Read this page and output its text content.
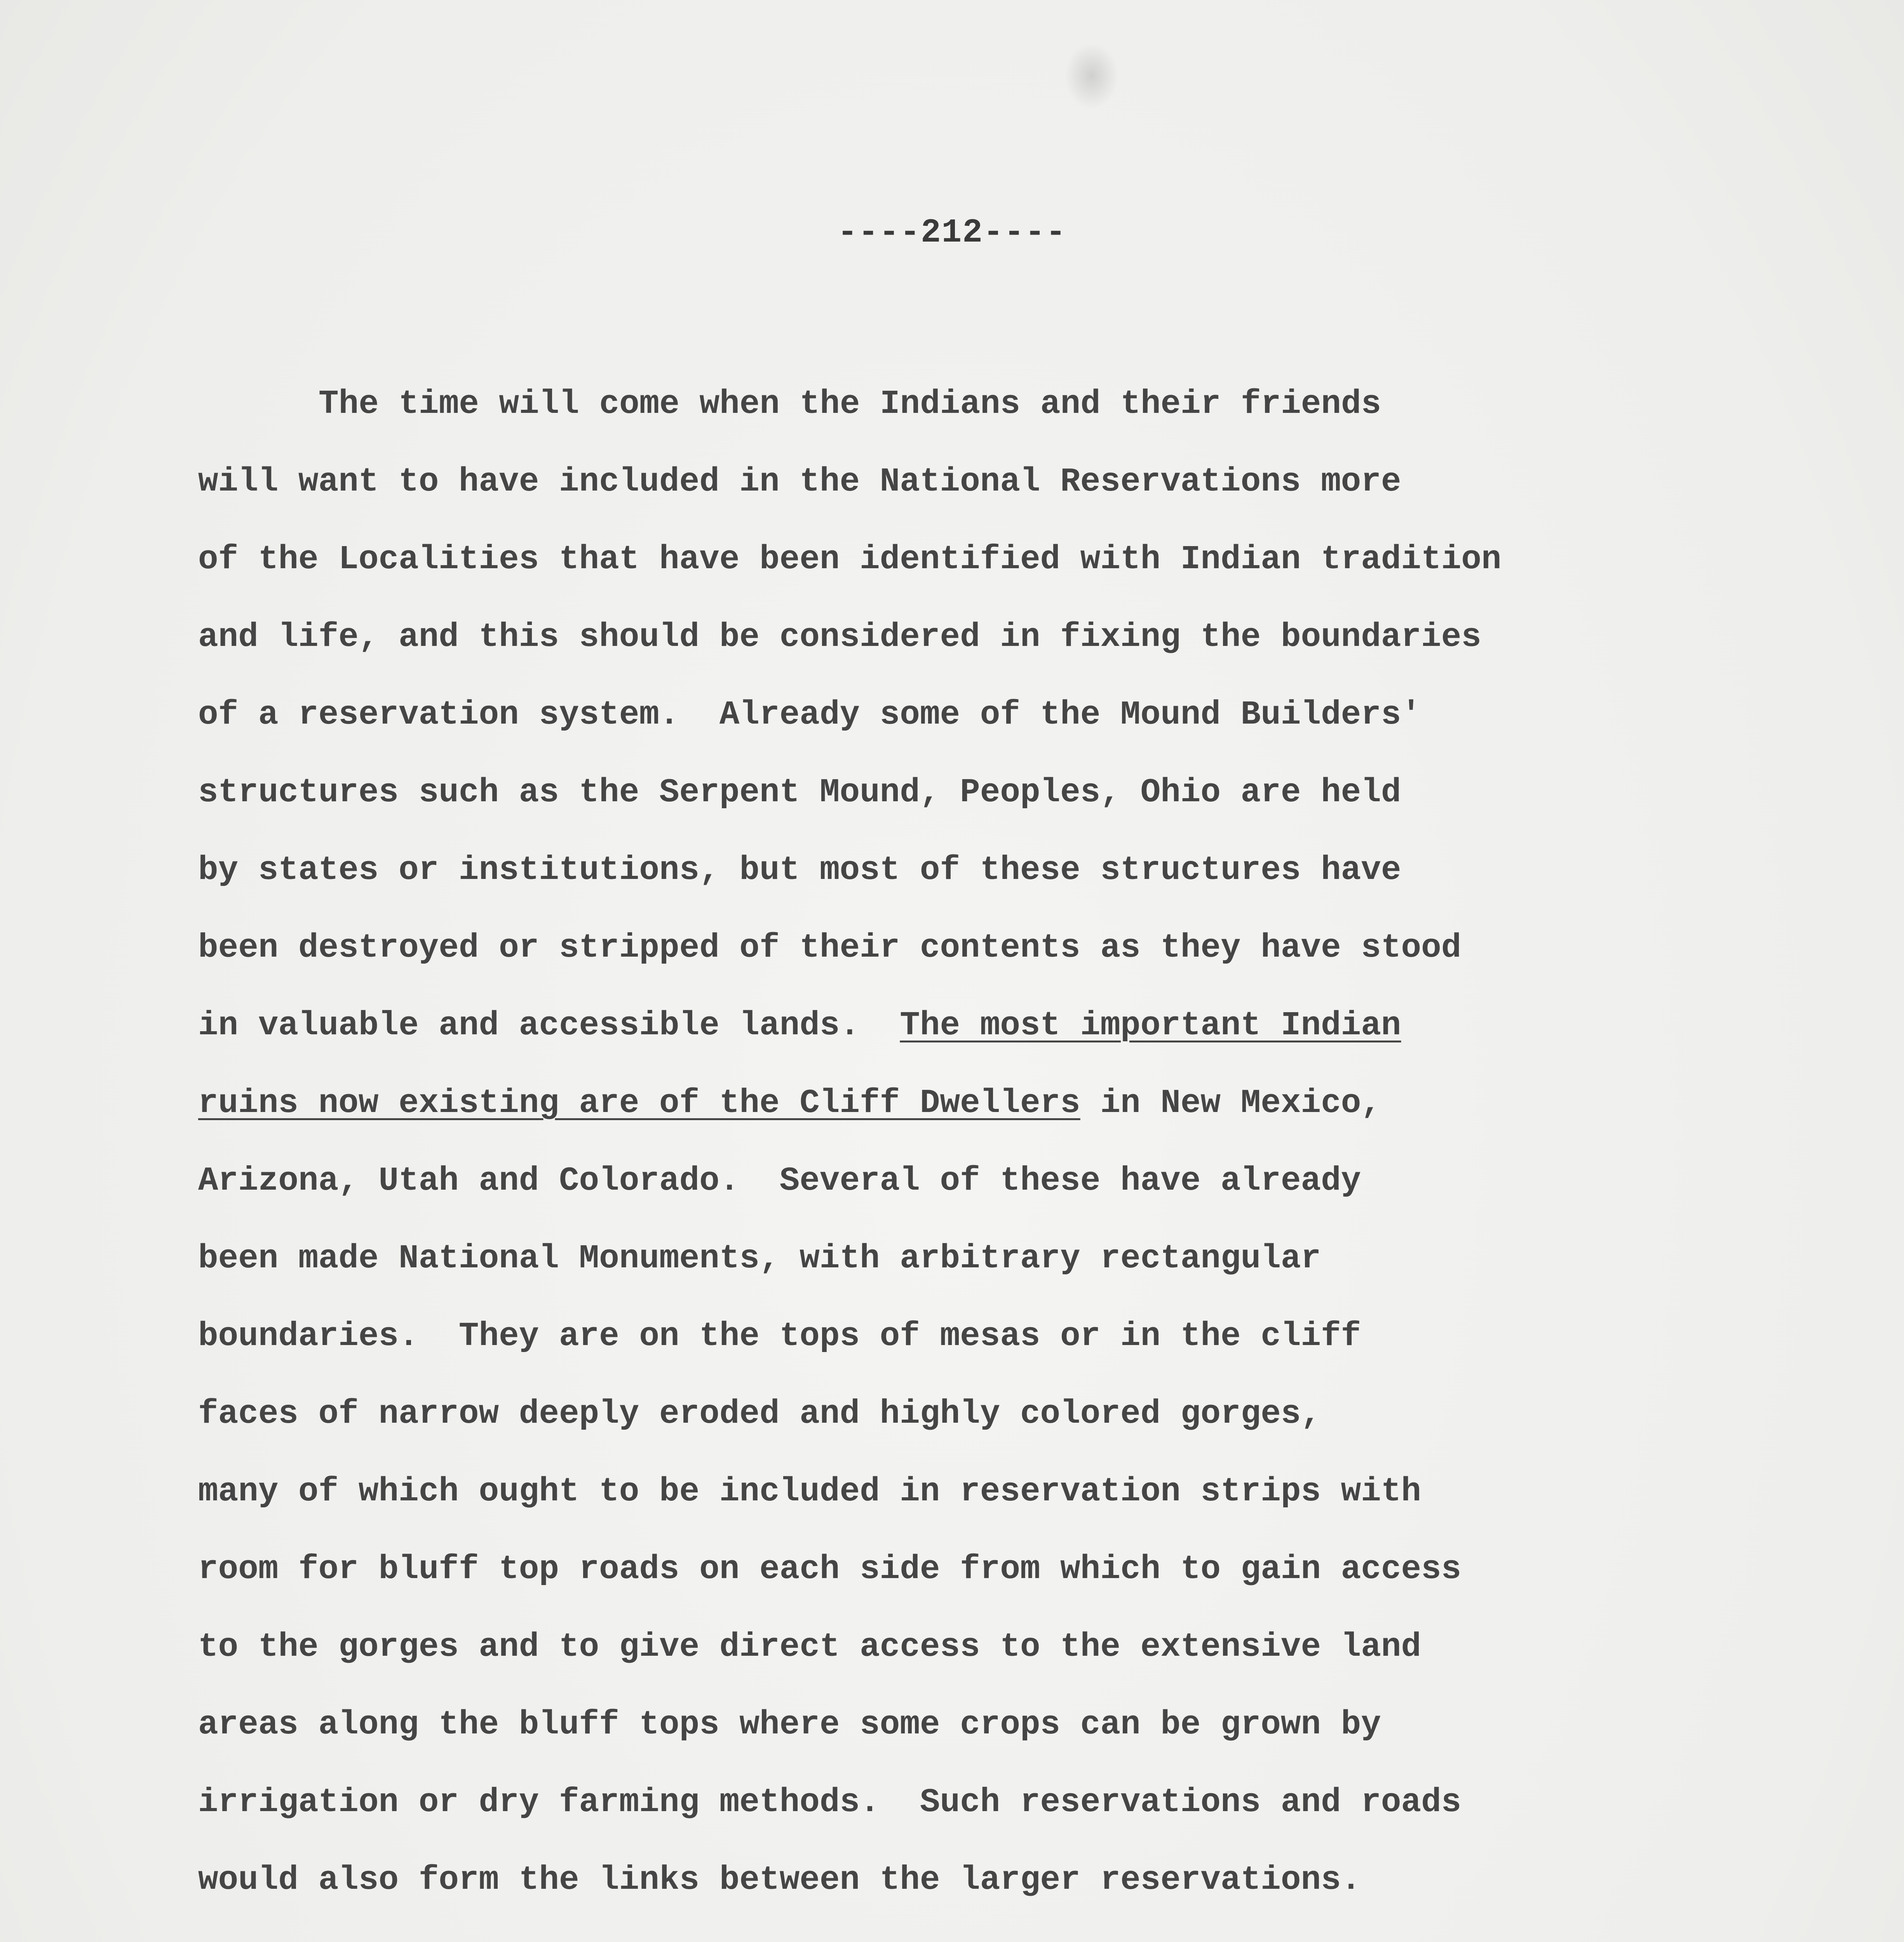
----212----
The time will come when the Indians and their friends
will want to have included in the National Reservations more
of the Localities that have been identified with Indian tradition
and life, and this should be considered in fixing the boundaries
of a reservation system.  Already some of the Mound Builders'
structures such as the Serpent Mound, Peoples, Ohio are held
by states or institutions, but most of these structures have
been destroyed or stripped of their contents as they have stood
in valuable and accessible lands.  The most important Indian
ruins now existing are of the Cliff Dwellers in New Mexico,
Arizona, Utah and Colorado.  Several of these have already
been made National Monuments, with arbitrary rectangular
boundaries.  They are on the tops of mesas or in the cliff
faces of narrow deeply eroded and highly colored gorges,
many of which ought to be included in reservation strips with
room for bluff top roads on each side from which to gain access
to the gorges and to give direct access to the extensive land
areas along the bluff tops where some crops can be grown by
irrigation or dry farming methods.  Such reservations and roads
would also form the links between the larger reservations.
